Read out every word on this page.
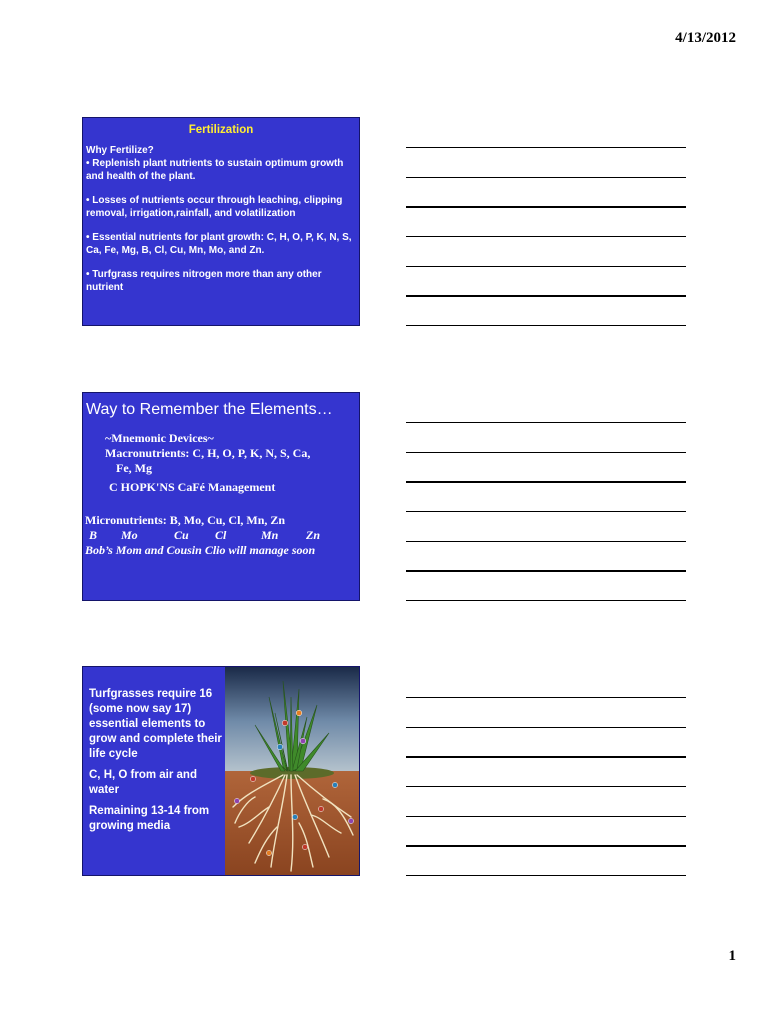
4/13/2012
Fertilization

Why Fertilize?

• Replenish plant nutrients to sustain optimum growth and health of the plant.

• Losses of nutrients occur through leaching, clipping removal, irrigation,rainfall, and volatilization

• Essential nutrients for plant growth: C, H, O, P, K, N, S, Ca, Fe, Mg, B, Cl, Cu, Mn, Mo, and Zn.

• Turfgrass requires nitrogen more than any other nutrient

Way to Remember the Elements…
~Mnemonic Devices~
Macronutrients: C, H, O, P, K, N, S, Ca,
Fe, Mg
C HOPK'NS CaFé Management
Micronutrients: B, Mo, Cu, Cl, Mn, Zn
B	Mo	Cu	Cl	Mn	Zn
Bob’s Mom and Cousin Clio will manage soon

Turfgrasses require 16 (some now say 17) essential elements to grow and complete their life cycle

C, H, O from air and water

Remaining 13-14 from growing media

1
